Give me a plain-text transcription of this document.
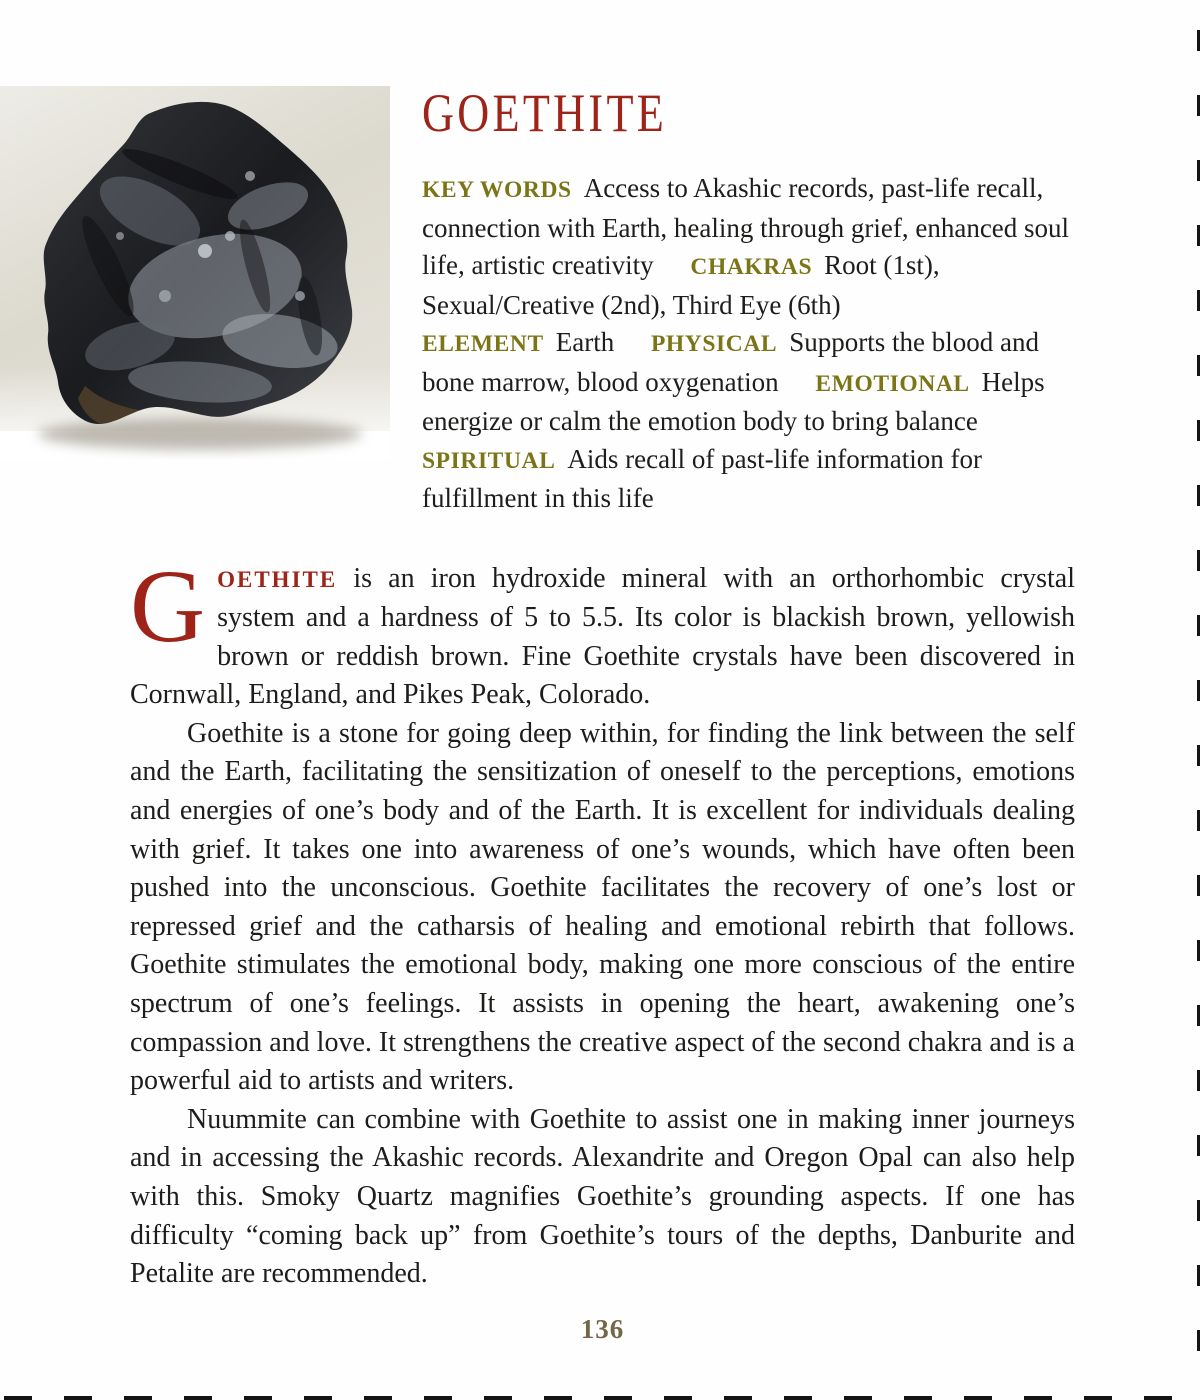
GOETHITE

KEY WORDS Access to Akashic records, past-life recall, connection with Earth, healing through grief, enhanced soul life, artistic creativity CHAKRAS Root (1st), Sexual/Creative (2nd), Third Eye (6th) ELEMENT Earth PHYSICAL Supports the blood and bone marrow, blood oxygenation EMOTIONAL Helps energize or calm the emotion body to bring balance SPIRITUAL Aids recall of past-life information for fulfillment in this life

GOETHITE is an iron hydroxide mineral with an orthorhombic crystal system and a hardness of 5 to 5.5. Its color is blackish brown, yellowish brown or reddish brown. Fine Goethite crystals have been discovered in Cornwall, England, and Pikes Peak, Colorado.

Goethite is a stone for going deep within, for finding the link between the self and the Earth, facilitating the sensitization of oneself to the perceptions, emotions and energies of one’s body and of the Earth. It is excellent for individuals dealing with grief. It takes one into awareness of one’s wounds, which have often been pushed into the unconscious. Goethite facilitates the recovery of one’s lost or repressed grief and the catharsis of healing and emotional rebirth that follows. Goethite stimulates the emotional body, making one more conscious of the entire spectrum of one’s feelings. It assists in opening the heart, awakening one’s compassion and love. It strengthens the creative aspect of the second chakra and is a powerful aid to artists and writers.

Nuummite can combine with Goethite to assist one in making inner journeys and in accessing the Akashic records. Alexandrite and Oregon Opal can also help with this. Smoky Quartz magnifies Goethite’s grounding aspects. If one has difficulty “coming back up” from Goethite’s tours of the depths, Danburite and Petalite are recommended.

136
